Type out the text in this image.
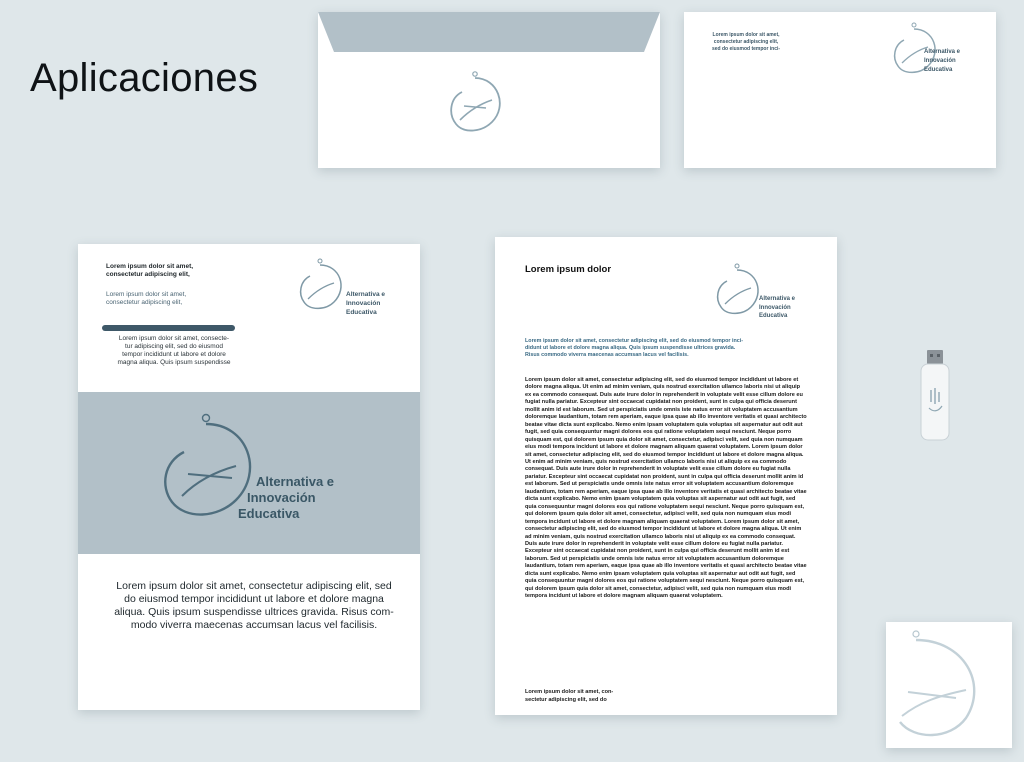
Aplicaciones
Lorem ipsum dolor sit amet,
consectetur adipiscing elit,
sed do eiusmod tempor inci-	Alternativa e
Innovación
Educativa
Lorem ipsum dolor sit amet,
consectetur adipiscing elit,
Lorem ipsum dolor sit amet,
consectetur adipiscing elit,
Lorem ipsum dolor sit amet, consecte-
tur adipiscing elit, sed do eiusmod
tempor incididunt ut labore et dolore
magna aliqua. Quis ipsum suspendisse
Alternativa e
Innovación
Educativa
Alternativa e
Innovación
Educativa
Lorem ipsum dolor sit amet, consectetur adipiscing elit, sed
do eiusmod tempor incididunt ut labore et dolore magna
aliqua. Quis ipsum suspendisse ultrices gravida. Risus com-
modo viverra maecenas accumsan lacus vel facilisis.
Lorem ipsum dolor
Alternativa e
Innovación
Educativa
Lorem ipsum dolor sit amet, consectetur adipiscing elit, sed do eiusmod tempor inci-
didunt ut labore et dolore magna aliqua. Quis ipsum suspendisse ultrices gravida.
Risus commodo viverra maecenas accumsan lacus vel facilisis.
Lorem ipsum dolor sit amet, consectetur adipiscing elit, sed do eiusmod tempor incididunt ut labore et dolore magna aliqua. Ut enim ad minim veniam, quis nostrud exercitation ullamco laboris nisi ut aliquip ex ea commodo consequat. Duis aute irure dolor in reprehenderit in voluptate velit esse cillum dolore eu fugiat nulla pariatur. Excepteur sint occaecat cupidatat non proident, sunt in culpa qui officia deserunt mollit anim id est laborum. Sed ut perspiciatis unde omnis iste natus error sit voluptatem accusantium doloremque laudantium, totam rem aperiam, eaque ipsa quae ab illo inventore veritatis et quasi architecto beatae vitae dicta sunt explicabo. Nemo enim ipsam voluptatem quia voluptas sit aspernatur aut odit aut fugit, sed quia consequuntur magni dolores eos qui ratione voluptatem sequi nesciunt. Neque porro quisquam est, qui dolorem ipsum quia dolor sit amet, consectetur, adipisci velit, sed quia non numquam eius modi tempora incidunt ut labore et dolore magnam aliquam quaerat voluptatem. Lorem ipsum dolor sit amet, consectetur adipiscing elit, sed do eiusmod tempor incididunt ut labore et dolore magna aliqua. Ut enim ad minim veniam, quis nostrud exercitation ullamco laboris nisi ut aliquip ex ea commodo consequat. Duis aute irure dolor in reprehenderit in voluptate velit esse cillum dolore eu fugiat nulla pariatur. Excepteur sint occaecat cupidatat non proident, sunt in culpa qui officia deserunt mollit anim id est laborum. Sed ut perspiciatis unde omnis iste natus error sit voluptatem accusantium doloremque laudantium, totam rem aperiam, eaque ipsa quae ab illo inventore veritatis et quasi architecto beatae vitae dicta sunt explicabo. Nemo enim ipsam voluptatem quia voluptas sit aspernatur aut odit aut fugit, sed quia consequuntur magni dolores eos qui ratione voluptatem sequi nesciunt. Neque porro quisquam est, qui dolorem ipsum quia dolor sit amet, consectetur, adipisci velit, sed quia non numquam eius modi tempora incidunt ut labore et dolore magnam aliquam quaerat voluptatem. Lorem ipsum dolor sit amet, consectetur adipiscing elit, sed do eiusmod tempor incididunt ut labore et dolore magna aliqua. Ut enim ad minim veniam, quis nostrud exercitation ullamco laboris nisi ut aliquip ex ea commodo consequat. Duis aute irure dolor in reprehenderit in voluptate velit esse cillum dolore eu fugiat nulla pariatur. Excepteur sint occaecat cupidatat non proident, sunt in culpa qui officia deserunt mollit anim id est laborum. Sed ut perspiciatis unde omnis iste natus error sit voluptatem accusantium doloremque laudantium, totam rem aperiam, eaque ipsa quae ab illo inventore veritatis et quasi architecto beatae vitae dicta sunt explicabo. Nemo enim ipsam voluptatem quia voluptas sit aspernatur aut odit aut fugit, sed quia consequuntur magni dolores eos qui ratione voluptatem sequi nesciunt. Neque porro quisquam est, qui dolorem ipsum quia dolor sit amet, consectetur, adipisci velit, sed quia non numquam eius modi tempora incidunt ut labore et dolore magnam aliquam quaerat voluptatem.
Lorem ipsum dolor sit amet, con-
sectetur adipiscing elit, sed do
